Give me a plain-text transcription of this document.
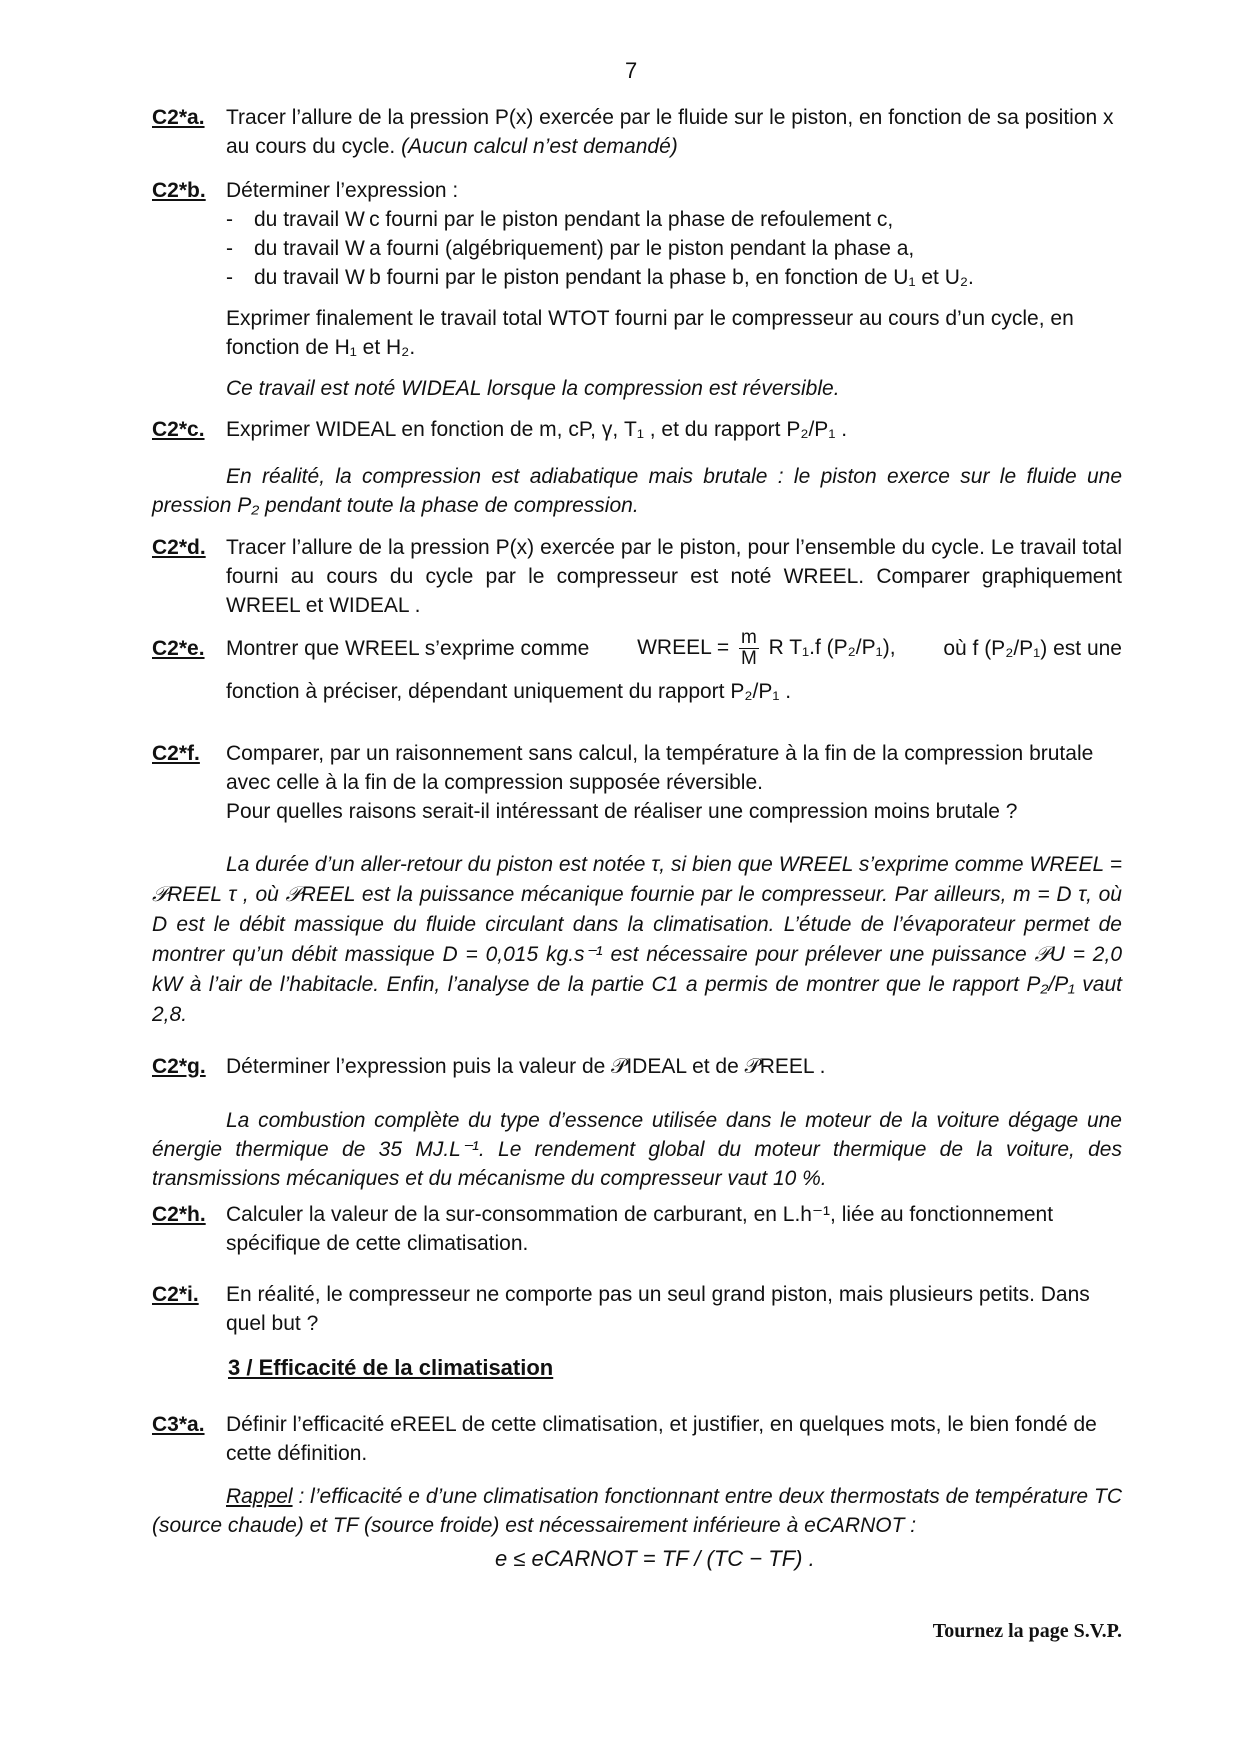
7
C2*a. Tracer l’allure de la pression P(x) exercée par le fluide sur le piston, en fonction de sa position x au cours du cycle. (Aucun calcul n’est demandé)
C2*b. Déterminer l’expression :
- du travail W c fourni par le piston pendant la phase de refoulement c,
- du travail W a fourni (algébriquement) par le piston pendant la phase a,
- du travail W b fourni par le piston pendant la phase b, en fonction de U₁ et U₂.
Exprimer finalement le travail total WTOT fourni par le compresseur au cours d’un cycle, en fonction de H₁ et H₂.
Ce travail est noté WIDEAL lorsque la compression est réversible.
C2*c. Exprimer WIDEAL en fonction de m, cP, γ, T₁ , et du rapport P₂/P₁ .
En réalité, la compression est adiabatique mais brutale : le piston exerce sur le fluide une pression P₂ pendant toute la phase de compression.
C2*d. Tracer l’allure de la pression P(x) exercée par le piston, pour l’ensemble du cycle. Le travail total fourni au cours du cycle par le compresseur est noté WREEL. Comparer graphiquement WREEL et WIDEAL .
C2*e. Montrer que WREEL s’exprime comme WREEL = $\frac{m}{M}$ R T₁.f (P₂/P₁), où f (P₂/P₁) est une
fonction à préciser, dépendant uniquement du rapport P₂/P₁ .
C2*f. Comparer, par un raisonnement sans calcul, la température à la fin de la compression brutale avec celle à la fin de la compression supposée réversible.
Pour quelles raisons serait-il intéressant de réaliser une compression moins brutale ?
La durée d’un aller-retour du piston est notée τ, si bien que WREEL s’exprime comme WREEL = 𝒫REEL τ , où 𝒫REEL est la puissance mécanique fournie par le compresseur. Par ailleurs, m = D τ, où D est le débit massique du fluide circulant dans la climatisation. L’étude de l’évaporateur permet de montrer qu’un débit massique D = 0,015 kg.s⁻¹ est nécessaire pour prélever une puissance 𝒫U = 2,0 kW à l’air de l’habitacle. Enfin, l’analyse de la partie C1 a permis de montrer que le rapport P₂/P₁ vaut 2,8.
C2*g. Déterminer l’expression puis la valeur de 𝒫IDEAL et de 𝒫REEL .
La combustion complète du type d’essence utilisée dans le moteur de la voiture dégage une énergie thermique de 35 MJ.L⁻¹. Le rendement global du moteur thermique de la voiture, des transmissions mécaniques et du mécanisme du compresseur vaut 10 %.
C2*h. Calculer la valeur de la sur-consommation de carburant, en L.h⁻¹, liée au fonctionnement spécifique de cette climatisation.
C2*i. En réalité, le compresseur ne comporte pas un seul grand piston, mais plusieurs petits. Dans quel but ?
3 / Efficacité de la climatisation
C3*a. Définir l’efficacité eREEL de cette climatisation, et justifier, en quelques mots, le bien fondé de cette définition.
Rappel : l’efficacité e d’une climatisation fonctionnant entre deux thermostats de température TC (source chaude) et TF (source froide) est nécessairement inférieure à eCARNOT :
e ≤ eCARNOT = TF / (TC − TF) .
Tournez la page S.V.P.
